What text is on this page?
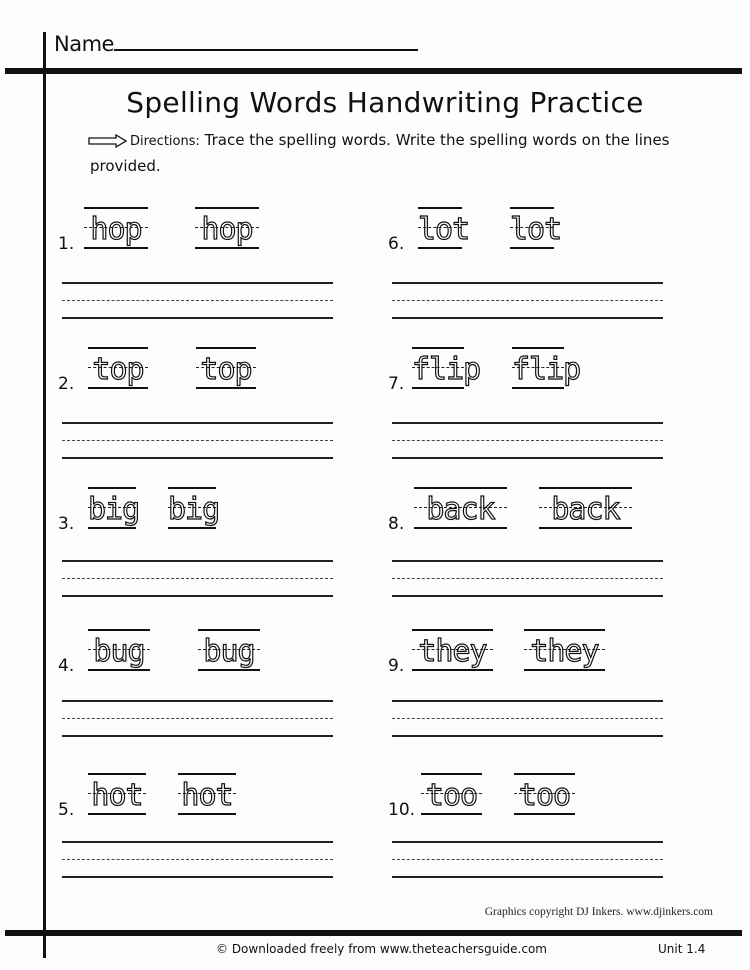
Name
Spelling Words Handwriting Practice
Directions: Trace the spelling words. Write the spelling words on the lines provided.
1. hop hop
2. top top
3. big big
4. bug bug
5. hot hot
6. lot lot
7. flip flip
8. back	back
9. they they
10. too too
Graphics copyright DJ Inkers. www.djinkers.com
© Downloaded freely from www.theteachersguide.com	Unit 1.4
